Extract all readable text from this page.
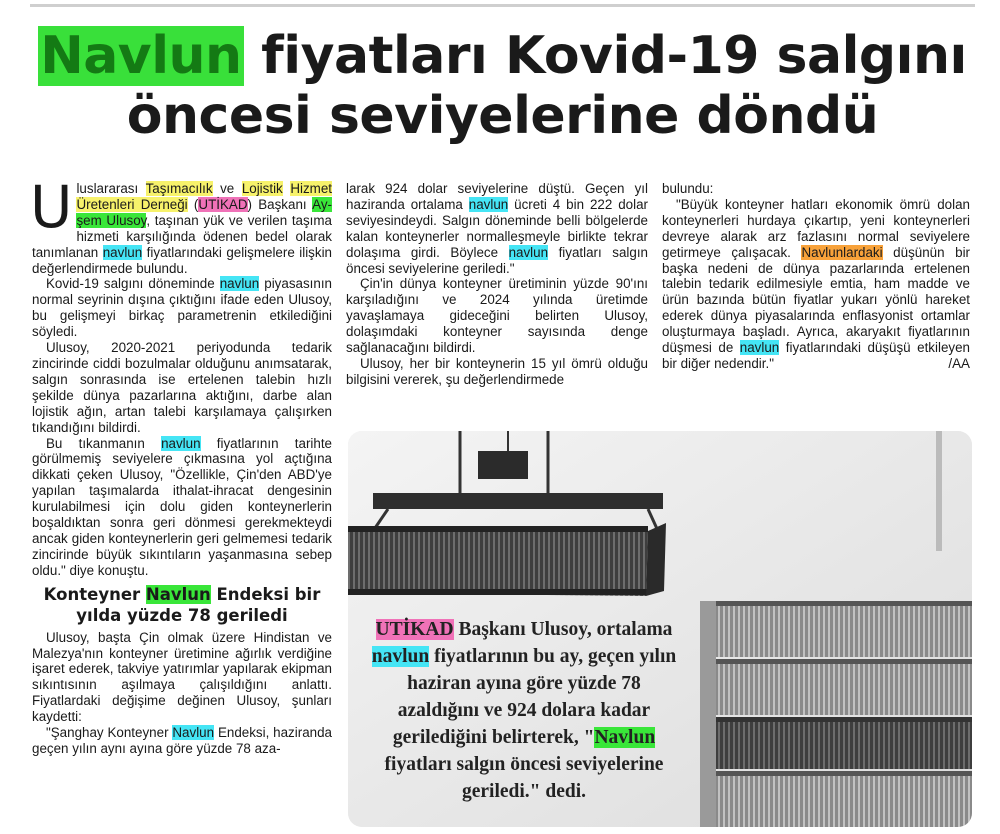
Navlun fiyatları Kovid-19 salgını
öncesi seviyelerine döndü

Uluslararası Taşımacılık ve Lojistik Hizmet Üretenleri Derneği (UTİKAD) Başkanı Ay-şem Ulusoy, taşınan yük ve verilen taşıma hizmeti karşılığında ödenen bedel olarak tanımlanan navlun fiyatlarındaki gelişmelere ilişkin değerlendirmede bulundu.

Kovid-19 salgını döneminde navlun piyasasının normal seyrinin dışına çıktığını ifade eden Ulusoy, bu gelişmeyi birkaç parametrenin etkilediğini söyledi.

Ulusoy, 2020-2021 periyodunda tedarik zincirinde ciddi bozulmalar olduğunu anımsatarak, salgın sonrasında ise ertelenen talebin hızlı şekilde dünya pazarlarına aktığını, darbe alan lojistik ağın, artan talebi karşılamaya çalışırken tıkandığını bildirdi.

Bu tıkanmanın navlun fiyatlarının tarihte görülmemiş seviyelere çıkmasına yol açtığına dikkati çeken Ulusoy, "Özellikle, Çin'den ABD'ye yapılan taşımalarda ithalat-ihracat dengesinin kurulabilmesi için dolu giden konteynerlerin boşaldıktan sonra geri dönmesi gerekmekteydi ancak giden konteynerlerin geri gelmemesi tedarik zincirinde büyük sıkıntıların yaşanmasına sebep oldu." diye konuştu.

Konteyner Navlun Endeksi bir yılda yüzde 78 geriledi

Ulusoy, başta Çin olmak üzere Hindistan ve Malezya'nın konteyner üretimine ağırlık verdiğine işaret ederek, takviye yatırımlar yapılarak ekipman sıkıntısının aşılmaya çalışıldığını anlattı. Fiyatlardaki değişime değinen Ulusoy, şunları kaydetti:

"Şanghay Konteyner Navlun Endeksi, haziranda geçen yılın aynı ayına göre yüzde 78 aza-

larak 924 dolar seviyelerine düştü. Geçen yıl haziranda ortalama navlun ücreti 4 bin 222 dolar seviyesindeydi. Salgın döneminde belli bölgelerde kalan konteynerler normalleşmeyle birlikte tekrar dolaşıma girdi. Böylece navlun fiyatları salgın öncesi seviyelerine geriledi."

Çin'in dünya konteyner üretiminin yüzde 90'ını karşıladığını ve 2024 yılında üretimde yavaşlamaya gideceğini belirten Ulusoy, dolaşımdaki konteyner sayısında denge sağlanacağını bildirdi.

Ulusoy, her bir konteynerin 15 yıl ömrü olduğu bilgisini vererek, şu değerlendirmede

bulundu:

"Büyük konteyner hatları ekonomik ömrü dolan konteynerleri hurdaya çıkartıp, yeni konteynerleri devreye alarak arz fazlasını normal seviyelere getirmeye çalışacak. Navlunlardaki düşünün bir başka nedeni de dünya pazarlarında ertelenen talebin tedarik edilmesiyle emtia, ham madde ve ürün bazında bütün fiyatlar yukarı yönlü hareket ederek dünya piyasalarında enflasyonist ortamlar oluşturmaya başladı. Ayrıca, akaryakıt fiyatlarının düşmesi de navlun fiyatlarındaki düşüşü etkileyen bir diğer nedendir."	/AA

UTİKAD Başkanı Ulusoy, ortalama navlun fiyatlarının bu ay, geçen yılın haziran ayına göre yüzde 78 azaldığını ve 924 dolara kadar gerilediğini belirterek, "Navlun fiyatları salgın öncesi seviyelerine geriledi." dedi.
